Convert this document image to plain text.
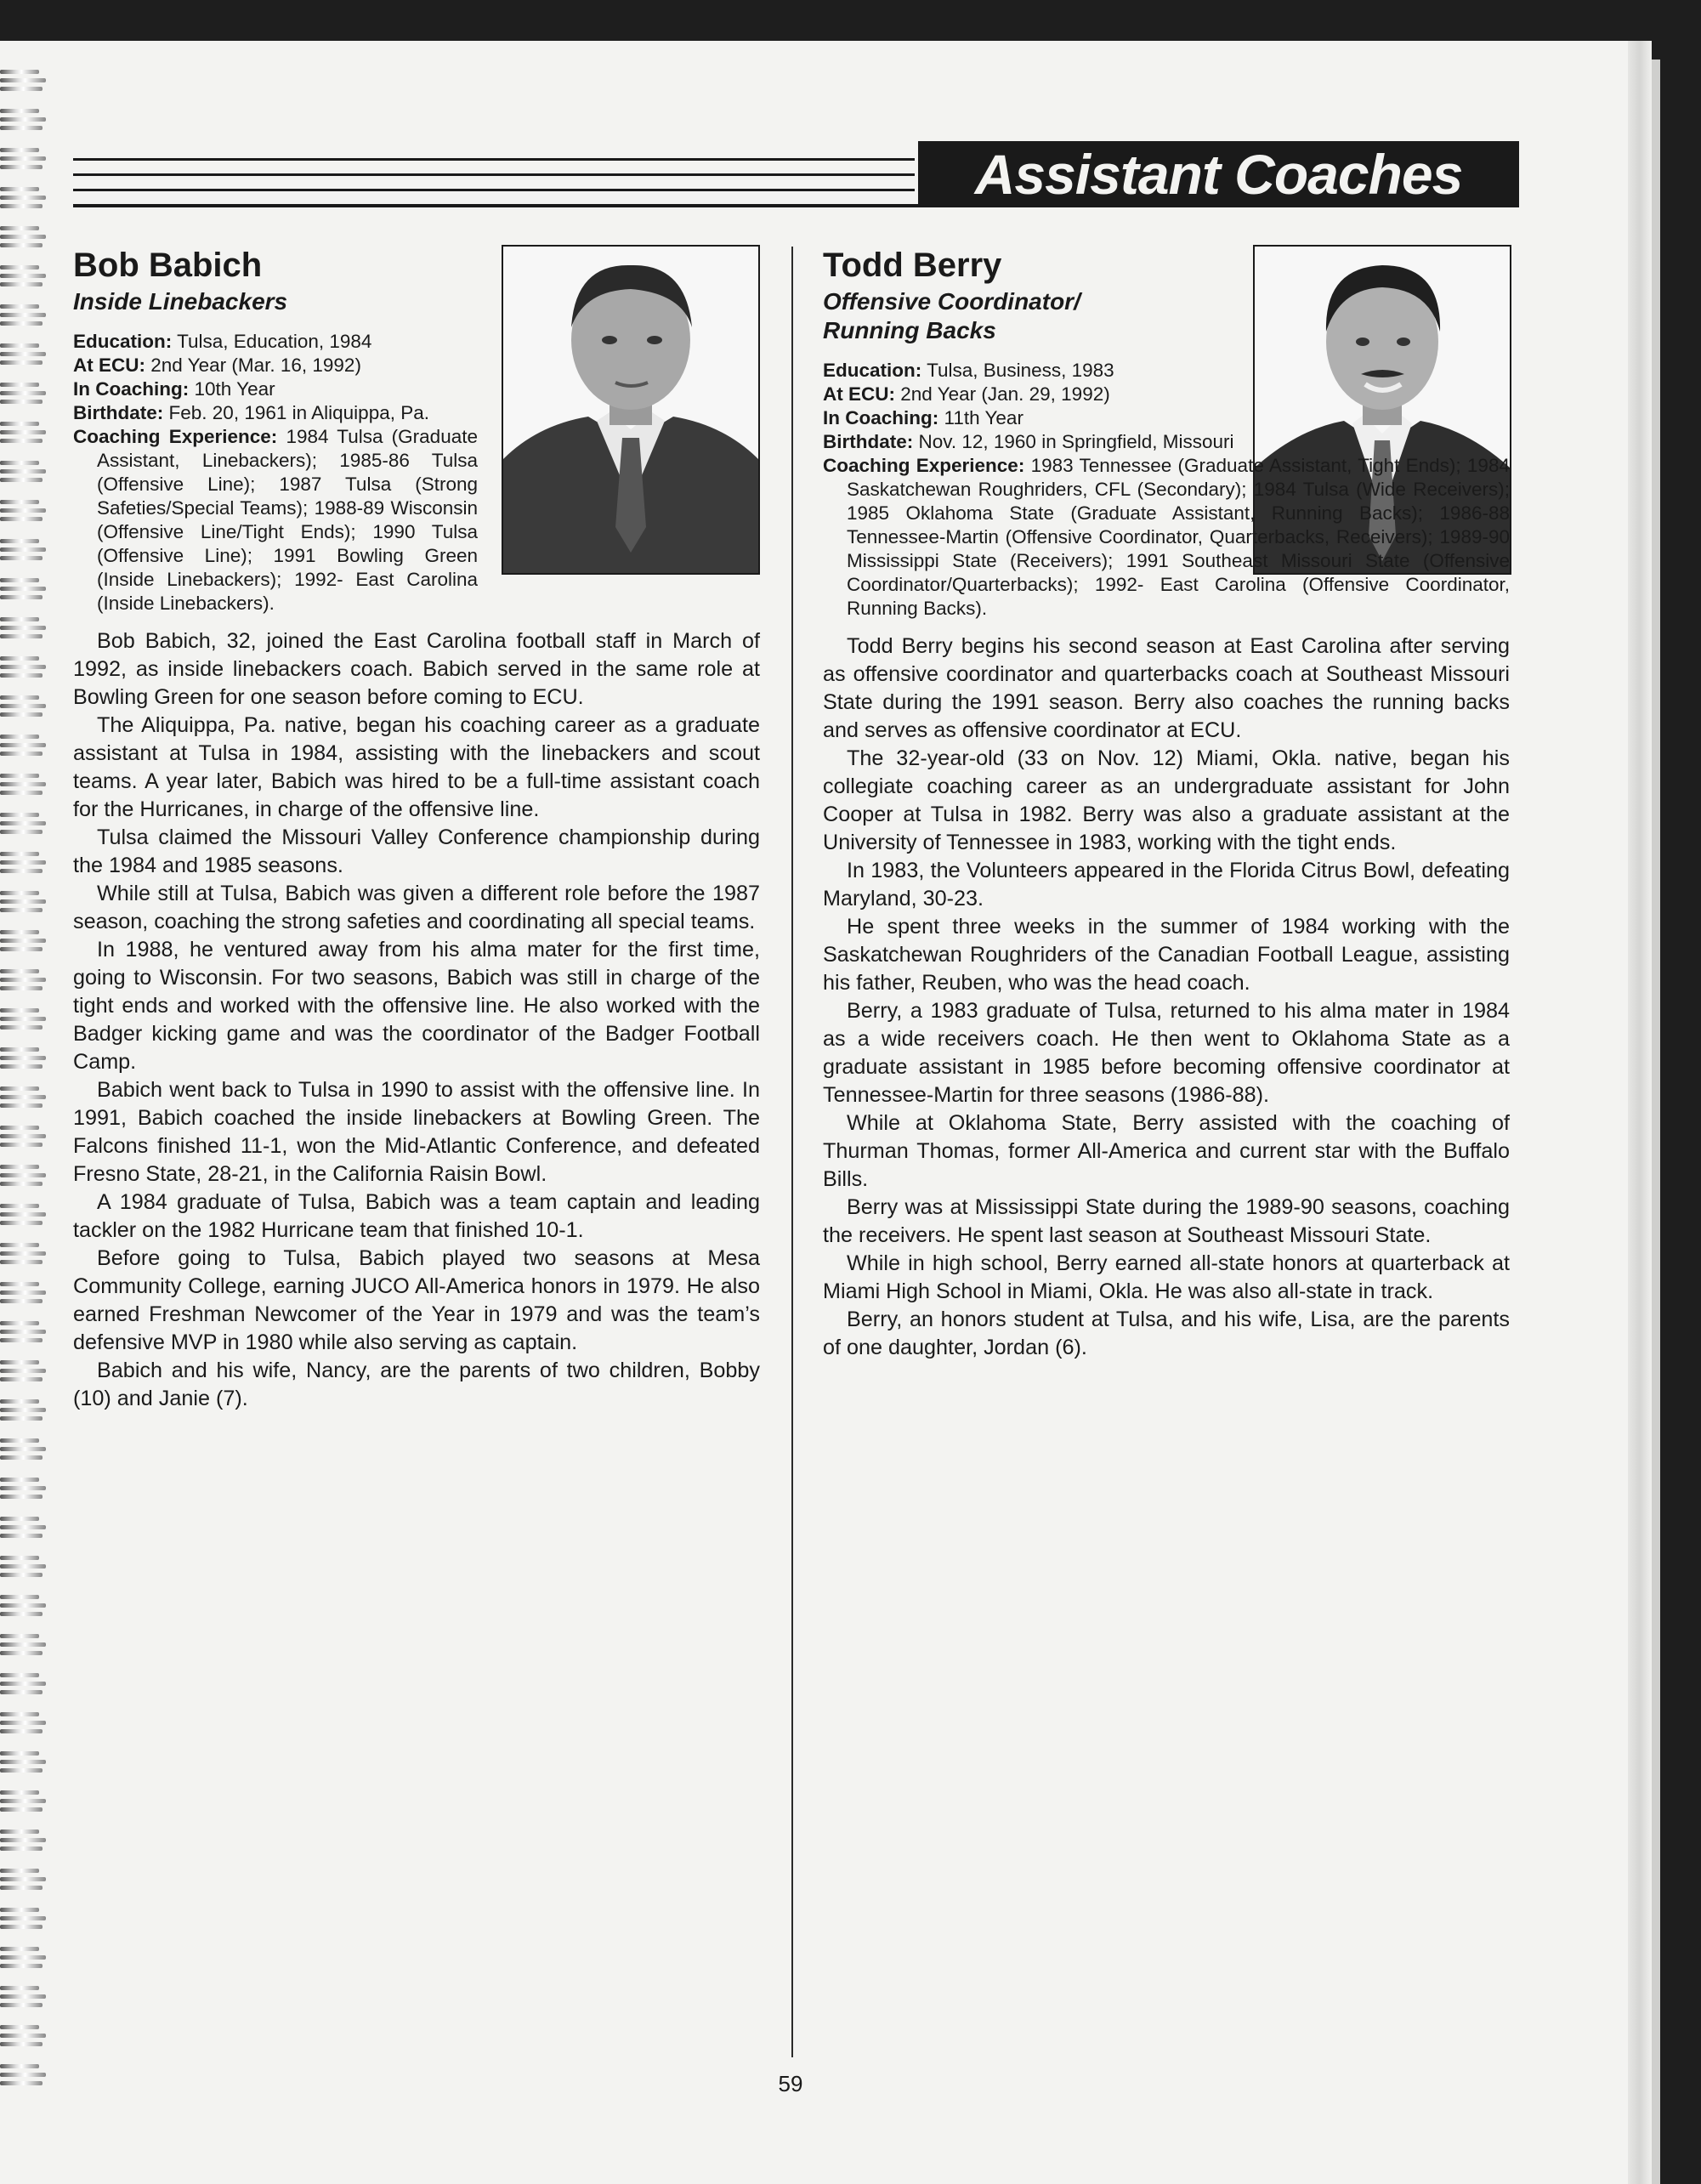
Assistant Coaches
Bob Babich
Inside Linebackers

Education: Tulsa, Education, 1984

At ECU: 2nd Year (Mar. 16, 1992)

In Coaching: 10th Year

Birthdate: Feb. 20, 1961 in Aliquippa, Pa.

Coaching Experience: 1984 Tulsa (Graduate Assistant, Linebackers); 1985-86 Tulsa (Offensive Line); 1987 Tulsa (Strong Safeties/Special Teams); 1988-89 Wisconsin (Offensive Line/Tight Ends); 1990 Tulsa (Offensive Line); 1991 Bowling Green (Inside Linebackers); 1992- East Carolina (Inside Linebackers).

Bob Babich, 32, joined the East Carolina football staff in March of 1992, as inside linebackers coach. Babich served in the same role at Bowling Green for one season before coming to ECU.

The Aliquippa, Pa. native, began his coaching career as a graduate assistant at Tulsa in 1984, assisting with the linebackers and scout teams. A year later, Babich was hired to be a full-time assistant coach for the Hurricanes, in charge of the offensive line.

Tulsa claimed the Missouri Valley Conference championship during the 1984 and 1985 seasons.

While still at Tulsa, Babich was given a different role before the 1987 season, coaching the strong safeties and coordinating all special teams.

In 1988, he ventured away from his alma mater for the first time, going to Wisconsin. For two seasons, Babich was still in charge of the tight ends and worked with the offensive line. He also worked with the Badger kicking game and was the coordinator of the Badger Football Camp.

Babich went back to Tulsa in 1990 to assist with the offensive line. In 1991, Babich coached the inside linebackers at Bowling Green. The Falcons finished 11-1, won the Mid-Atlantic Conference, and defeated Fresno State, 28-21, in the California Raisin Bowl.

A 1984 graduate of Tulsa, Babich was a team captain and leading tackler on the 1982 Hurricane team that finished 10-1.

Before going to Tulsa, Babich played two seasons at Mesa Community College, earning JUCO All-America honors in 1979. He also earned Freshman Newcomer of the Year in 1979 and was the team’s defensive MVP in 1980 while also serving as captain.

Babich and his wife, Nancy, are the parents of two children, Bobby (10) and Janie (7).

Todd Berry
Offensive Coordinator/
Running Backs

Education: Tulsa, Business, 1983

At ECU: 2nd Year (Jan. 29, 1992)

In Coaching: 11th Year

Birthdate: Nov. 12, 1960 in Springfield, Missouri

Coaching Experience: 1983 Tennessee (Graduate Assistant, Tight Ends); 1984 Saskatchewan Roughriders, CFL (Secondary); 1984 Tulsa (Wide Receivers); 1985 Oklahoma State (Graduate Assistant, Running Backs); 1986-88 Tennessee-Martin (Offensive Coordinator, Quarterbacks, Receivers); 1989-90 Mississippi State (Receivers); 1991 Southeast Missouri State (Offensive Coordinator/Quarterbacks); 1992- East Carolina (Offensive Coordinator, Running Backs).

Todd Berry begins his second season at East Carolina after serving as offensive coordinator and quarterbacks coach at Southeast Missouri State during the 1991 season. Berry also coaches the running backs and serves as offensive coordinator at ECU.

The 32-year-old (33 on Nov. 12) Miami, Okla. native, began his collegiate coaching career as an undergraduate assistant for John Cooper at Tulsa in 1982. Berry was also a graduate assistant at the University of Tennessee in 1983, working with the tight ends.

In 1983, the Volunteers appeared in the Florida Citrus Bowl, defeating Maryland, 30-23.

He spent three weeks in the summer of 1984 working with the Saskatchewan Roughriders of the Canadian Football League, assisting his father, Reuben, who was the head coach.

Berry, a 1983 graduate of Tulsa, returned to his alma mater in 1984 as a wide receivers coach. He then went to Oklahoma State as a graduate assistant in 1985 before becoming offensive coordinator at Tennessee-Martin for three seasons (1986-88).

While at Oklahoma State, Berry assisted with the coaching of Thurman Thomas, former All-America and current star with the Buffalo Bills.

Berry was at Mississippi State during the 1989-90 seasons, coaching the receivers. He spent last season at Southeast Missouri State.

While in high school, Berry earned all-state honors at quarterback at Miami High School in Miami, Okla. He was also all-state in track.

Berry, an honors student at Tulsa, and his wife, Lisa, are the parents of one daughter, Jordan (6).

59
